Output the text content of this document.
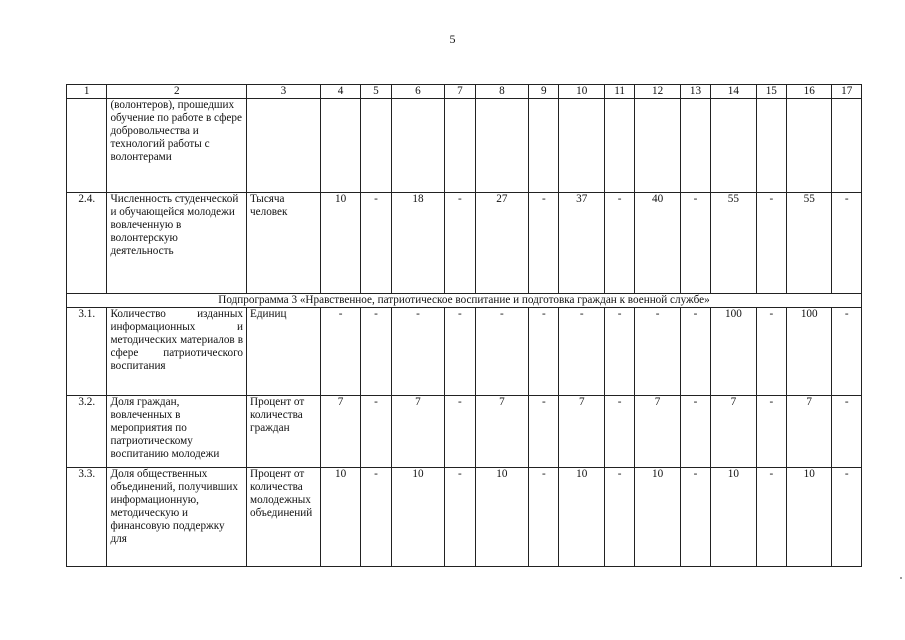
5
1	2	3	4	5	6	7	8	9	10	11	12	13	14	15	16	17
	(волонтеров), прошедших обучение по работе в сфере добровольчества и технологий работы с волонтерами															
2.4.	Численность студенческой и обучающейся молодежи вовлеченную в волонтерскую деятельность	Тысяча человек	10	-	18	-	27	-	37	-	40	-	55	-	55	-
Подпрограмма 3 «Нравственное, патриотическое воспитание и подготовка граждан к военной службе»																
3.1.	Количество изданных информационных и методических материалов в сфере патриотического воспитания	Единиц	-	-	-	-	-	-	-	-	-	-	100	-	100	-
3.2.	Доля граждан, вовлеченных в мероприятия по патриотическому воспитанию молодежи	Процент от количества граждан	7	-	7	-	7	-	7	-	7	-	7	-	7	-
3.3.	Доля общественных объединений, получивших информационную, методическую и финансовую поддержку для	Процент от количества молодежных объединений	10	-	10	-	10	-	10	-	10	-	10	-	10	-
